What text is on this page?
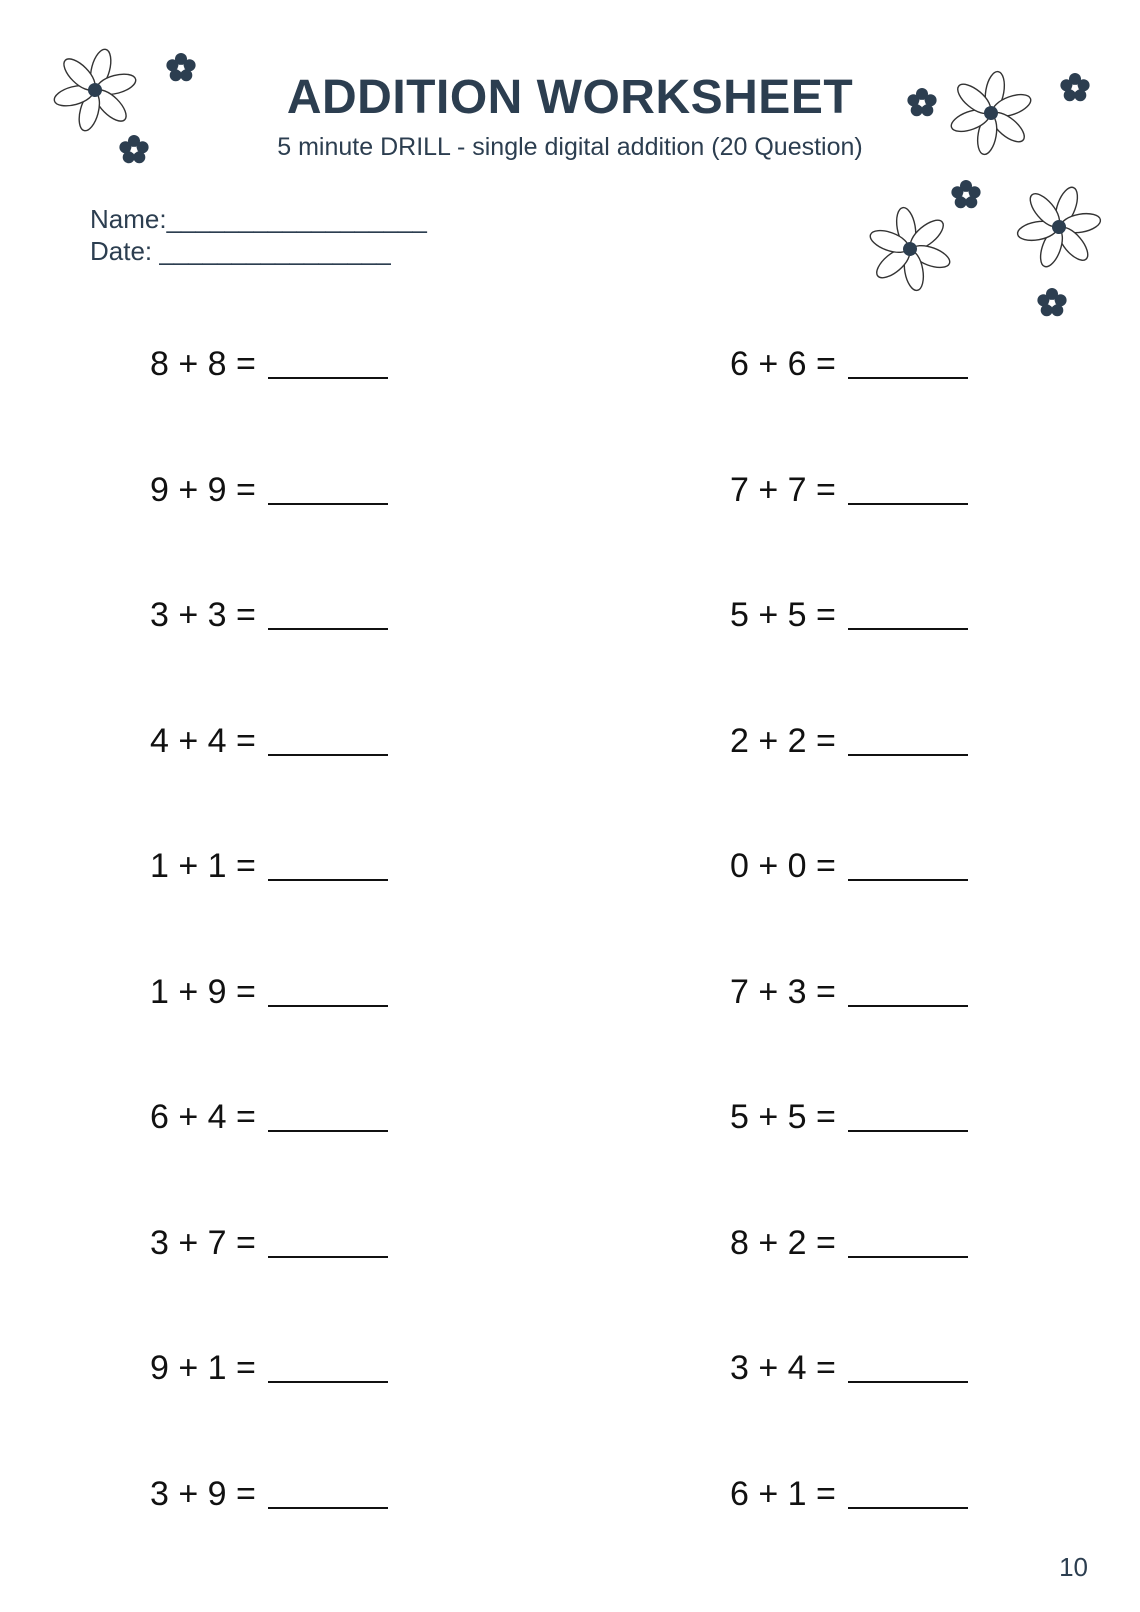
ADDITION WORKSHEET
5 minute DRILL - single digital addition (20 Question)
Name:__________________
Date: ________________
8 + 8 =	6 + 6 =
9 + 9 =	7 + 7 =
3 + 3 =	5 + 5 =
4 + 4 =	2 + 2 =
1 + 1 =	0 + 0 =
1 + 9 =	7 + 3 =
6 + 4 =	5 + 5 =
3 + 7 =	8 + 2 =
9 + 1 =	3 + 4 =
3 + 9 =	6 + 1 =
10
